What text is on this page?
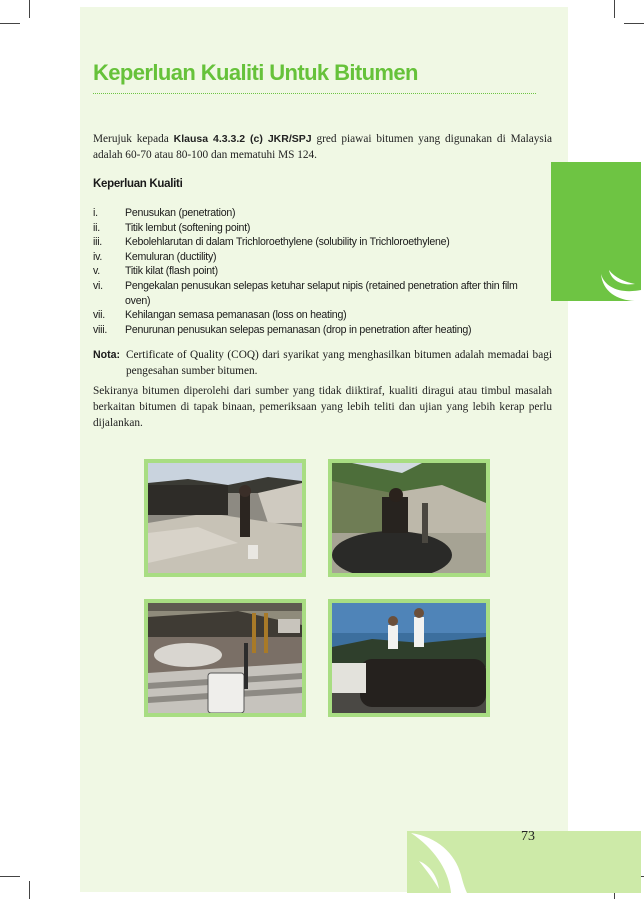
73
Keperluan Kualiti Untuk Bitumen

Merujuk kepada Klausa 4.3.3.2 (c) JKR/SPJ gred piawai bitumen yang digunakan di Malaysia adalah 60-70 atau 80-100 dan mematuhi MS 124.

Keperluan Kualiti
i.	Penusukan (penetration)
ii.	Titik lembut (softening point)
iii.	Kebolehlarutan di dalam Trichloroethylene (solubility in Trichloroethylene)
iv.	Kemuluran (ductility)
v.	Titik kilat (flash point)
vi.	Pengekalan penusukan selepas ketuhar selaput nipis (retained penetration after thin film oven)
vii.	Kehilangan semasa pemanasan (loss on heating)
viii.	Penurunan penusukan selepas pemanasan (drop in penetration after heating)
Nota: Certificate of Quality (COQ) dari syarikat yang menghasilkan bitumen adalah memadai bagi pengesahan sumber bitumen.

Sekiranya bitumen diperolehi dari sumber yang tidak diiktiraf, kualiti diragui atau timbul masalah berkaitan bitumen di tapak binaan, pemeriksaan yang lebih teliti dan ujian yang lebih kerap perlu dijalankan.
